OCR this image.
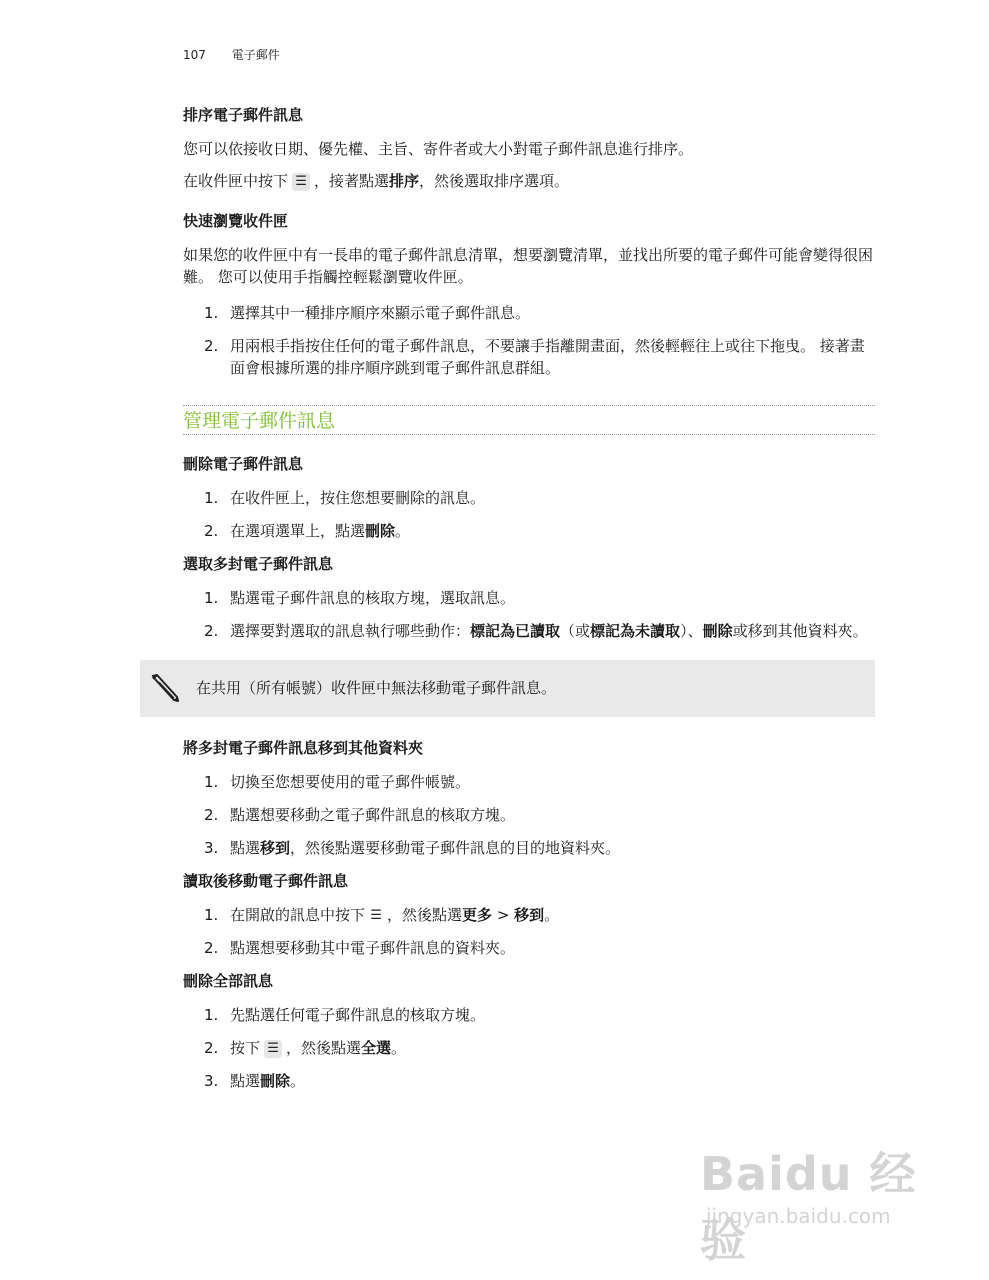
107 電子郵件
排序電子郵件訊息
您可以依接收日期、優先權、主旨、寄件者或大小對電子郵件訊息進行排序。
在收件匣中按下 ☰ ，接著點選排序，然後選取排序選項。
快速瀏覽收件匣
如果您的收件匣中有一長串的電子郵件訊息清單，想要瀏覽清單，並找出所要的電子郵件可能會變得很困難。 您可以使用手指觸控輕鬆瀏覽收件匣。
1. 選擇其中一種排序順序來顯示電子郵件訊息。
2. 用兩根手指按住任何的電子郵件訊息，不要讓手指離開畫面，然後輕輕往上或往下拖曳。 接著畫面會根據所選的排序順序跳到電子郵件訊息群組。
管理電子郵件訊息
刪除電子郵件訊息
1. 在收件匣上，按住您想要刪除的訊息。
2. 在選項選單上，點選刪除。
選取多封電子郵件訊息
1. 點選電子郵件訊息的核取方塊，選取訊息。
2. 選擇要對選取的訊息執行哪些動作：標記為已讀取（或標記為未讀取）、刪除或移到其他資料夾。
在共用（所有帳號）收件匣中無法移動電子郵件訊息。
將多封電子郵件訊息移到其他資料夾
1. 切換至您想要使用的電子郵件帳號。
2. 點選想要移動之電子郵件訊息的核取方塊。
3. 點選移到，然後點選要移動電子郵件訊息的目的地資料夾。
讀取後移動電子郵件訊息
1. 在開啟的訊息中按下 ☰ ，然後點選更多 > 移到。
2. 點選想要移動其中電子郵件訊息的資料夾。
刪除全部訊息
1. 先點選任何電子郵件訊息的核取方塊。
2. 按下 ☰ ，然後點選全選。
3. 點選刪除。
Baidu 经验
jingyan.baidu.com
